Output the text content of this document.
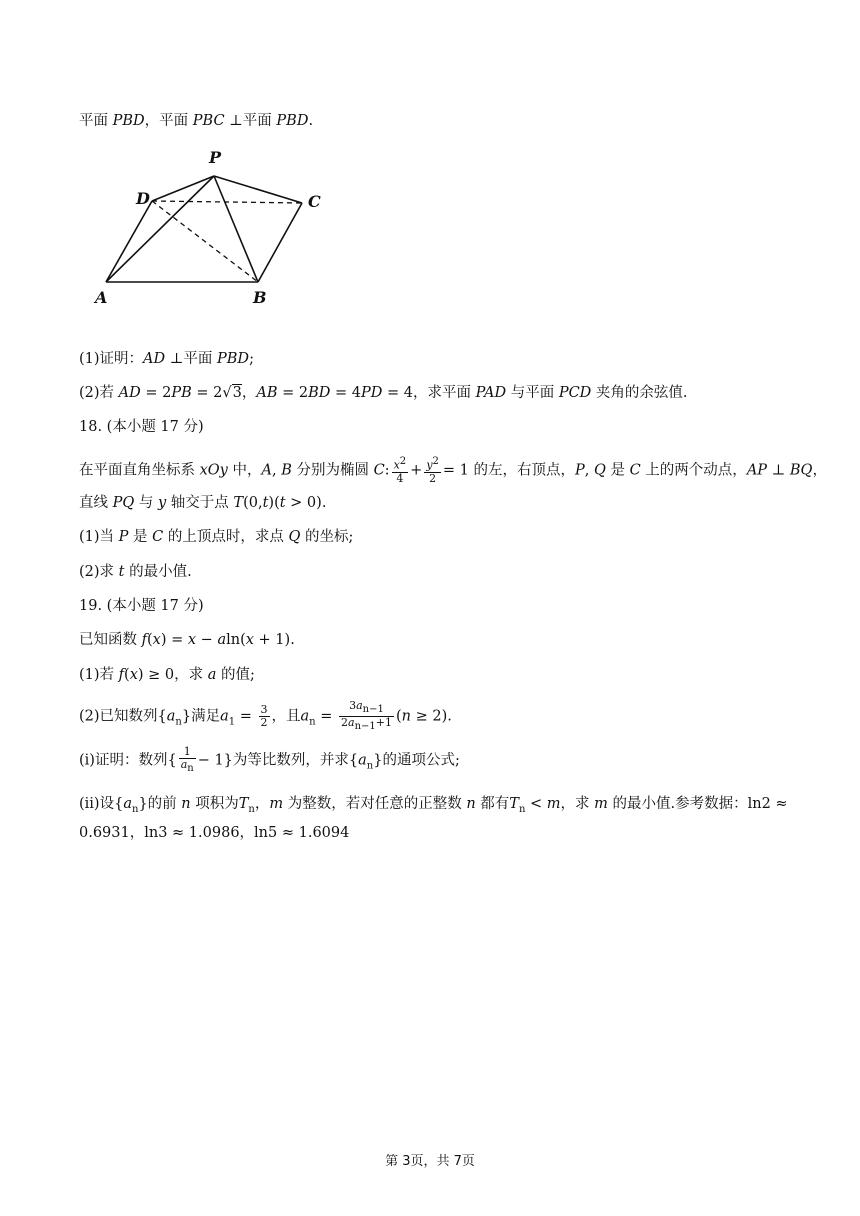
平面 PBD，平面 PBC ⊥平面 PBD.
P
D	C
A	B
(1)证明：AD ⊥平面 PBD;
(2)若 AD = 2PB = 2√3，AB = 2BD = 4PD = 4，求平面 PAD 与平面 PCD 夹角的余弦值.
18. (本小题 17 分)
在平面直角坐标系 xOy 中，A, B 分别为椭圆 C: $\frac{x2}{4} + \frac{y2}{2} = 1$ 的左，右顶点，P, Q 是 C 上的两个动点，AP ⊥ BQ，
直线 PQ 与 y 轴交于点 T(0,t)(t > 0).
(1)当 P 是 C 的上顶点时，求点 Q 的坐标;
(2)求 t 的最小值.
19. (本小题 17 分)
已知函数 f(x) = x − aln(x + 1).
(1)若 f(x) ≥ 0，求 a 的值;
(2)已知数列$\{a_n\}$满足$a_1 = \frac{3}{2}$ ，且$a_n = \frac{3an-1}{2an-1+1} (n \ge 2)$.
(ⅰ)证明：数列{ $\frac{1}{an} - 1$}为等比数列，并求$\{a_n\}$的通项公式;
(ⅱ)设$\{a_n\}$的前 n 项积为$T_n$，m 为整数，若对任意的正整数 n 都有$T_n < m$，求 m 的最小值.参考数据：ln2 ≈
0.6931，ln3 ≈ 1.0986，ln5 ≈ 1.6094
第 3页，共 7页
